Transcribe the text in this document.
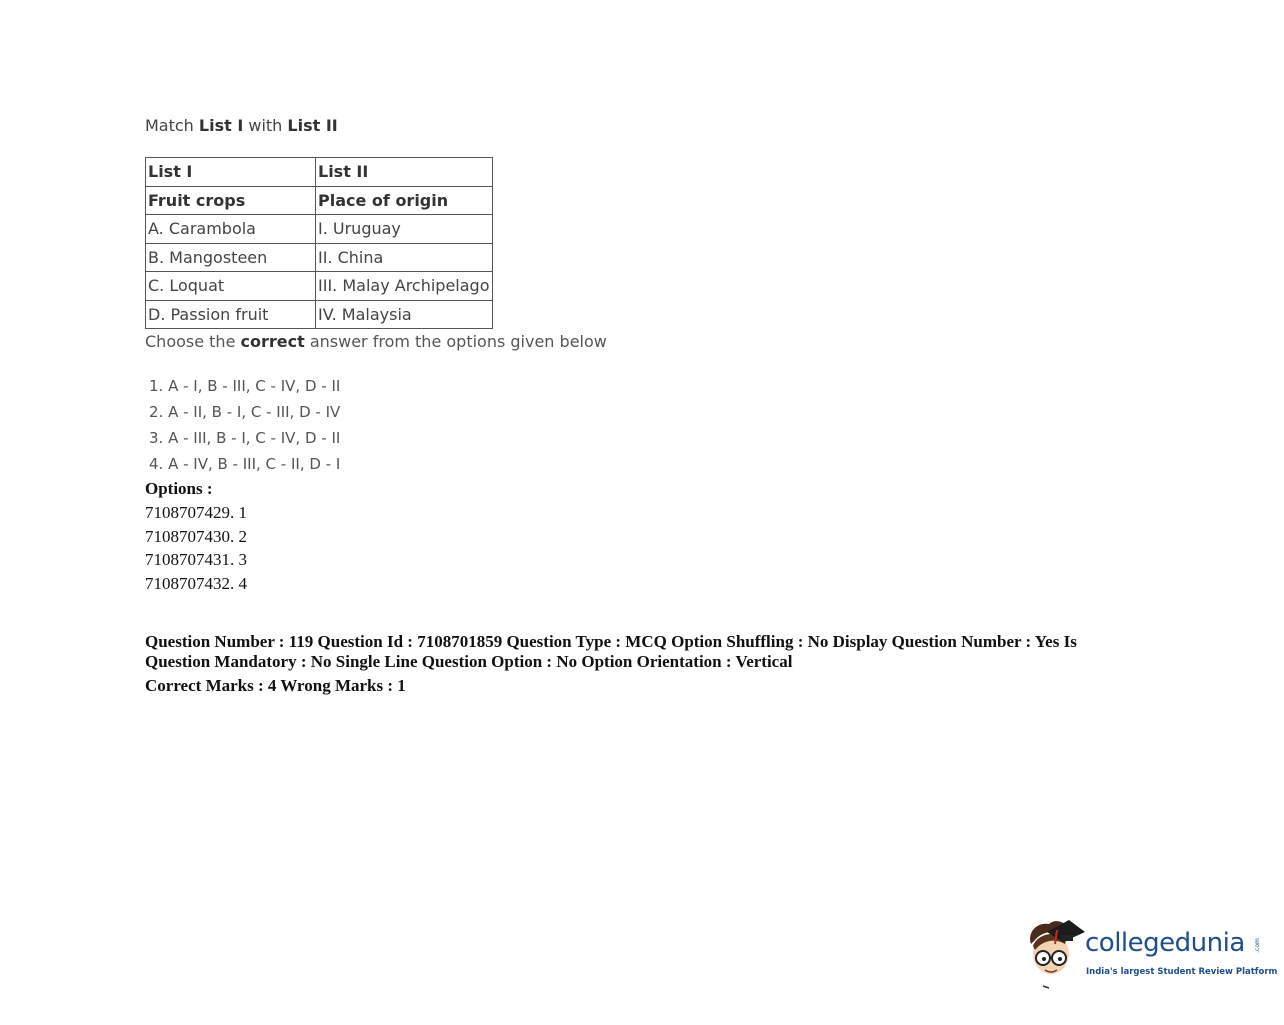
Match List I with List II

List I	List II
Fruit crops	Place of origin
A. Carambola	I. Uruguay
B. Mangosteen	II. China
C. Loquat	III. Malay Archipelago
D. Passion fruit	IV. Malaysia

Choose the correct answer from the options given below

1. A - I, B - III, C - IV, D - II
2. A - II, B - I, C - III, D - IV
3. A - III, B - I, C - IV, D - II
4. A - IV, B - III, C - II, D - I
Options :
7108707429. 1
7108707430. 2
7108707431. 3
7108707432. 4
Question Number : 119 Question Id : 7108701859 Question Type : MCQ Option Shuffling : No Display Question Number : Yes Is
Question Mandatory : No Single Line Question Option : No Option Orientation : Vertical
Correct Marks : 4 Wrong Marks : 1
collegedunia .com
India's largest Student Review Platform
